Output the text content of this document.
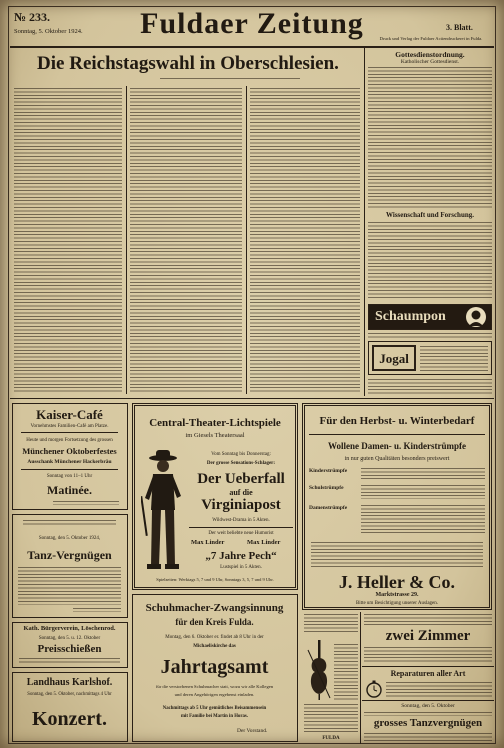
№ 233.
Sonntag, 5. Oktober 1924.	Fuldaer Zeitung	3. Blatt.
Druck und Verlag der Fuldaer Actiendruckerei in Fulda.
Die Reichstagswahl in Oberschlesien.	Gottesdienstordnung.
Katholischer Gottesdienst.
Wissenschaft und Forschung.
Schaumpon
Jogal
Kaiser-Café
Vornehmstes Familien-Café am Platze.
Heute und morgen Fortsetzung des grossen
Münchener Oktoberfestes
Ausschank Münchener Hackerbräu
Sonntag von 11–1 Uhr
Matinée.
Sonntag, den 5. Oktober 1924,
Tanz-Vergnügen
Kath. Bürgerverein, Löschenrod.
Sonntag, den 5. u. 12. Oktober
Preisschießen
Landhaus Karlshof.
Sonntag, den 5. Oktober, nachmittags 4 Uhr
Konzert.
Central-Theater-Lichtspiele
im Giesels Theatersaal
Vom Sonntag bis Donnerstag:
Der grosse Sensations-Schlager:
Der Ueberfall
auf die
Virginiapost
Wildwest-Drama in 5 Akten.
Der weit beliebte neue Humorist
Max Linder	Max Linder
„7 Jahre Pech“
Lustspiel in 5 Akten.
Spielzeiten: Werktags 5, 7 und 9 Uhr, Sonntags 3, 5, 7 und 9 Uhr.
Schuhmacher-Zwangsinnung
für den Kreis Fulda.
Montag, den 6. Oktober er. findet ab 8 Uhr in der
Michaeliskirche das
Jahrtagsamt
für die verstorbenen Schuhmacher statt, wozu wir alle Kollegen
und deren Angehörigen ergebenst einladen.
Nachmittags ab 5 Uhr gemütliches Beisammensein
mit Familie bei Martin in Horas.
Der Vorstand.
Für den Herbst- u. Winterbedarf
Wollene Damen- u. Kinderstrümpfe
in nur guten Qualitäten besonders preiswert
Kinderstrümpfe
Schulstrümpfe
Damenstrümpfe
J. Heller & Co.
Marktstrasse 29.
Bitte um Besichtigung unserer Auslagen.
FULDA
zwei Zimmer
Reparaturen aller Art
Sonntag, den 5. Oktober
grosses Tanzvergnügen
